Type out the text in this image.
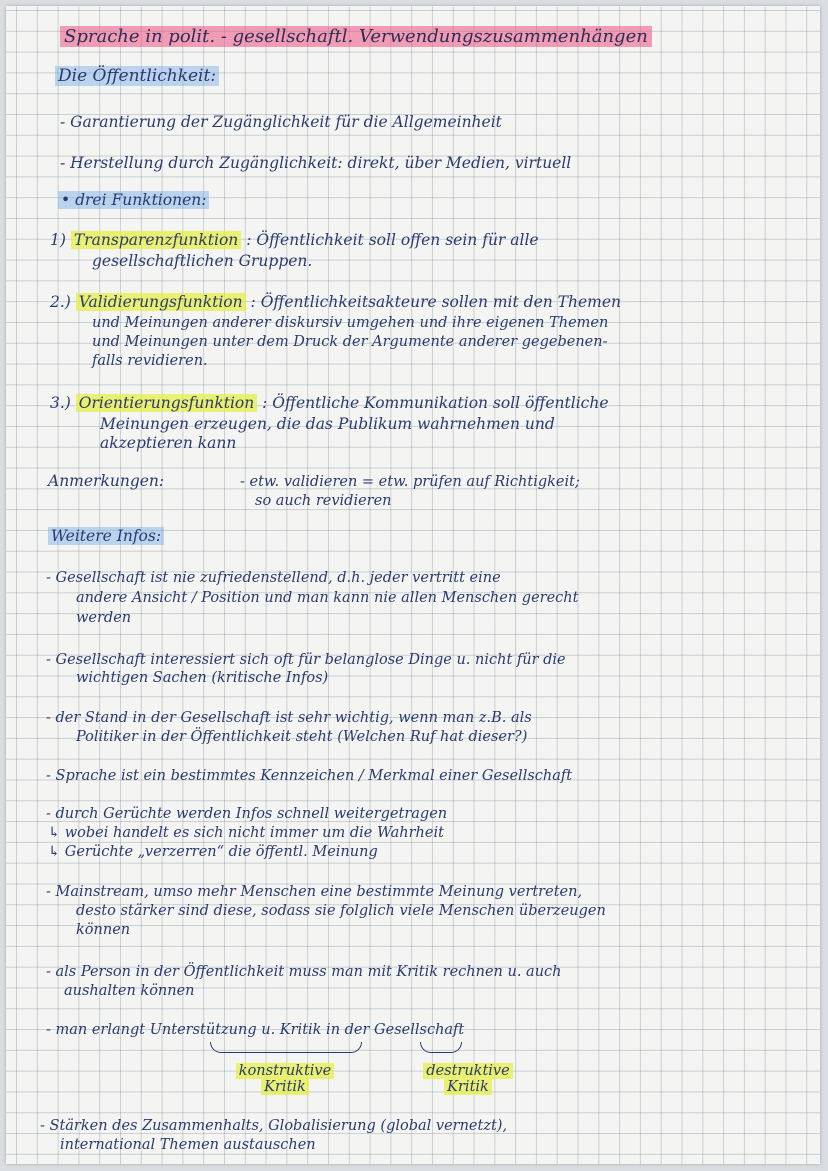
Sprache in polit. - gesellschaftl. Verwendungszusammenhängen
Die Öffentlichkeit:
- Garantierung der Zugänglichkeit für die Allgemeinheit
- Herstellung durch Zugänglichkeit: direkt, über Medien, virtuell
• drei Funktionen:
1) Transparenzfunktion : Öffentlichkeit soll offen sein für alle
gesellschaftlichen Gruppen.
2.) Validierungsfunktion : Öffentlichkeitsakteure sollen mit den Themen
und Meinungen anderer diskursiv umgehen und ihre eigenen Themen
und Meinungen unter dem Druck der Argumente anderer gegebenen-
falls revidieren.
3.) Orientierungsfunktion : Öffentliche Kommunikation soll öffentliche
Meinungen erzeugen, die das Publikum wahrnehmen und
akzeptieren kann
Anmerkungen:	- etw. validieren = etw. prüfen auf Richtigkeit;
so auch revidieren
Weitere Infos:
- Gesellschaft ist nie zufriedenstellend, d.h. jeder vertritt eine
andere Ansicht / Position und man kann nie allen Menschen gerecht
werden
- Gesellschaft interessiert sich oft für belanglose Dinge u. nicht für die
wichtigen Sachen (kritische Infos)
- der Stand in der Gesellschaft ist sehr wichtig, wenn man z.B. als
Politiker in der Öffentlichkeit steht (Welchen Ruf hat dieser?)
- Sprache ist ein bestimmtes Kennzeichen / Merkmal einer Gesellschaft
- durch Gerüchte werden Infos schnell weitergetragen
↳ wobei handelt es sich nicht immer um die Wahrheit
↳ Gerüchte „verzerren“ die öffentl. Meinung
- Mainstream, umso mehr Menschen eine bestimmte Meinung vertreten,
desto stärker sind diese, sodass sie folglich viele Menschen überzeugen
können
- als Person in der Öffentlichkeit muss man mit Kritik rechnen u. auch
aushalten können
- man erlangt Unterstützung u. Kritik in der Gesellschaft
konstruktive
Kritik
destruktive
Kritik
- Stärken des Zusammenhalts, Globalisierung (global vernetzt),
international Themen austauschen
